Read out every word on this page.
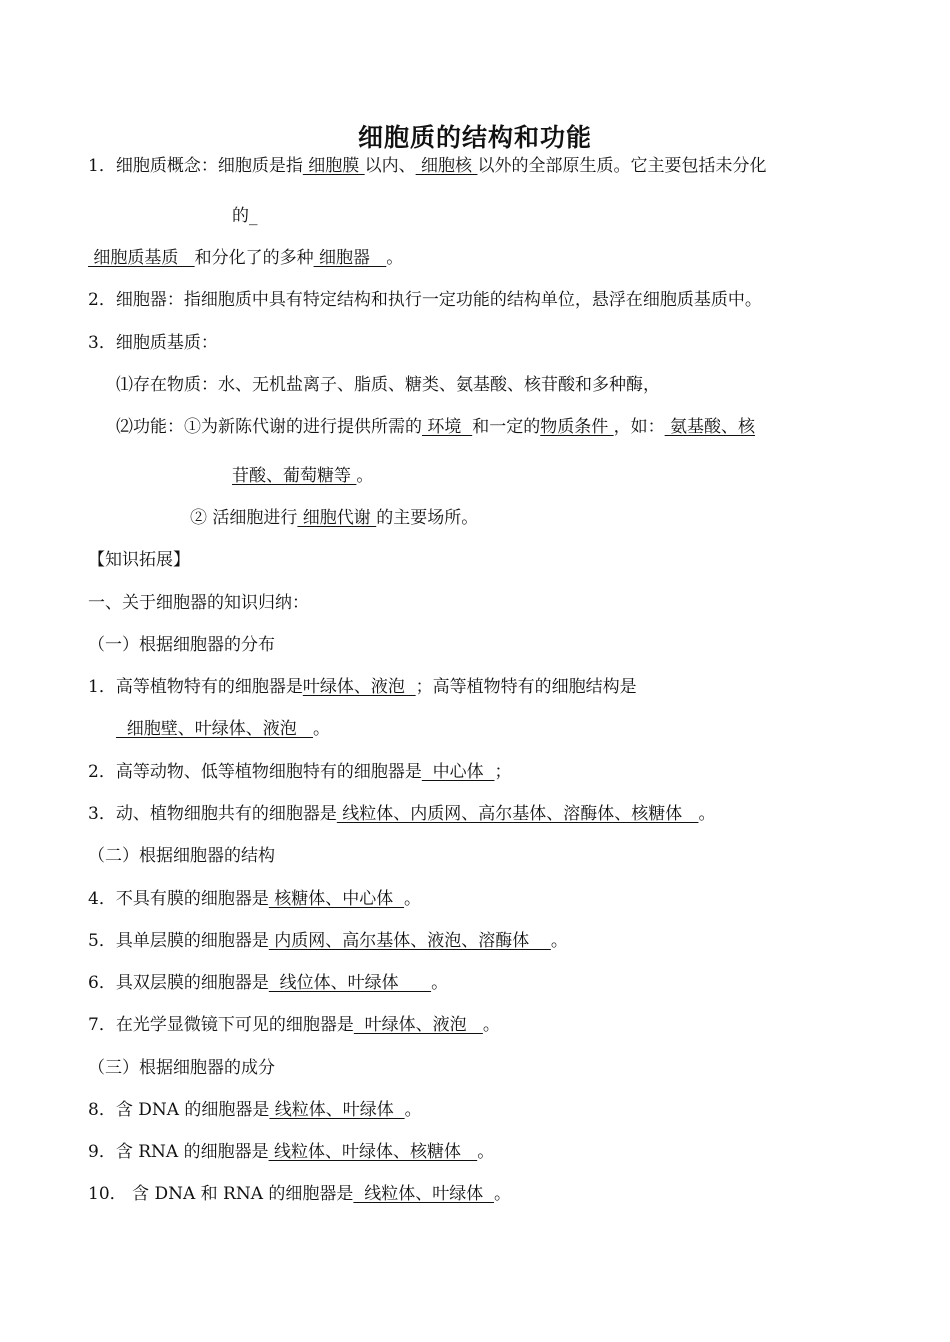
细胞质的结构和功能
1．细胞质概念：细胞质是指 细胞膜 以内、 细胞核 以外的全部原生质。它主要包括未分化
的_
细胞质基质   和分化了的多种 细胞器   。
2．细胞器：指细胞质中具有特定结构和执行一定功能的结构单位，悬浮在细胞质基质中。
3．细胞质基质：
⑴存在物质：水、无机盐离子、脂质、糖类、氨基酸、核苷酸和多种酶，
⑵功能：①为新陈代谢的进行提供所需的 环境  和一定的物质条件 ，如： 氨基酸、核
苷酸、葡萄糖等 。
② 活细胞进行 细胞代谢 的主要场所。
【知识拓展】
一、关于细胞器的知识归纳：
（一）根据细胞器的分布
1．高等植物特有的细胞器是叶绿体、液泡  ；高等植物特有的细胞结构是
细胞壁、叶绿体、液泡   。
2．高等动物、低等植物细胞特有的细胞器是  中心体  ；
3．动、植物细胞共有的细胞器是 线粒体、内质网、高尔基体、溶酶体、核糖体   。
（二）根据细胞器的结构
4．不具有膜的细胞器是 核糖体、中心体  。
5．具单层膜的细胞器是 内质网、高尔基体、液泡、溶酶体    。
6．具双层膜的细胞器是  线位体、叶绿体      。
7．在光学显微镜下可见的细胞器是  叶绿体、液泡   。
（三）根据细胞器的成分
8．含 DNA 的细胞器是 线粒体、叶绿体  。
9．含 RNA 的细胞器是 线粒体、叶绿体、核糖体   。
10． 含 DNA 和 RNA 的细胞器是  线粒体、叶绿体  。
